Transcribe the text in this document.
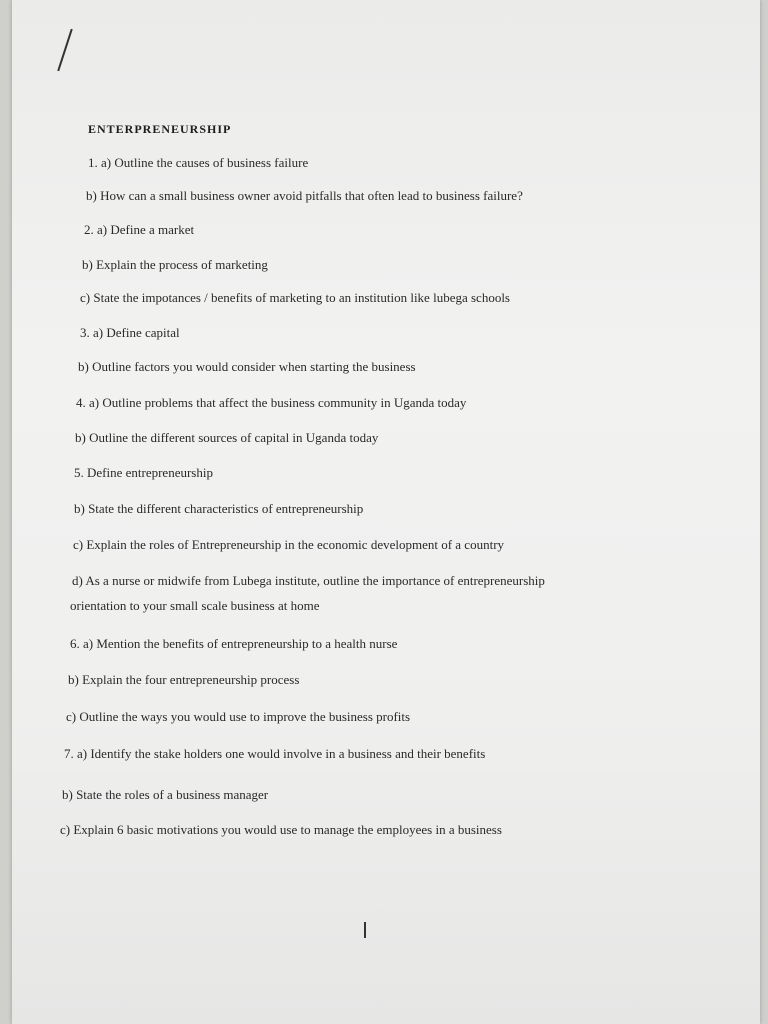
ENTERPRENEURSHIP
1. a) Outline the causes of business failure
b) How can a small business owner avoid pitfalls that often lead to business failure?
2. a) Define a market
b) Explain the process of marketing
c) State the impotances / benefits of marketing to an institution like lubega schools
3. a) Define capital
b) Outline factors you would consider when starting the business
4. a) Outline problems that affect the business community in Uganda today
b) Outline the different sources of capital in Uganda today
5. Define entrepreneurship
b) State the different characteristics of entrepreneurship
c) Explain the roles of Entrepreneurship in the economic development of a country
d) As a nurse or midwife from Lubega institute, outline the importance of entrepreneurship
orientation to your small scale business at home
6. a) Mention the benefits of entrepreneurship to a health nurse
b) Explain the four entrepreneurship process
c) Outline the ways you would use to improve the business profits
7. a) Identify the stake holders one would involve in a business and their benefits
b) State the roles of a business manager
c) Explain 6 basic motivations you would use to manage the employees in a business
